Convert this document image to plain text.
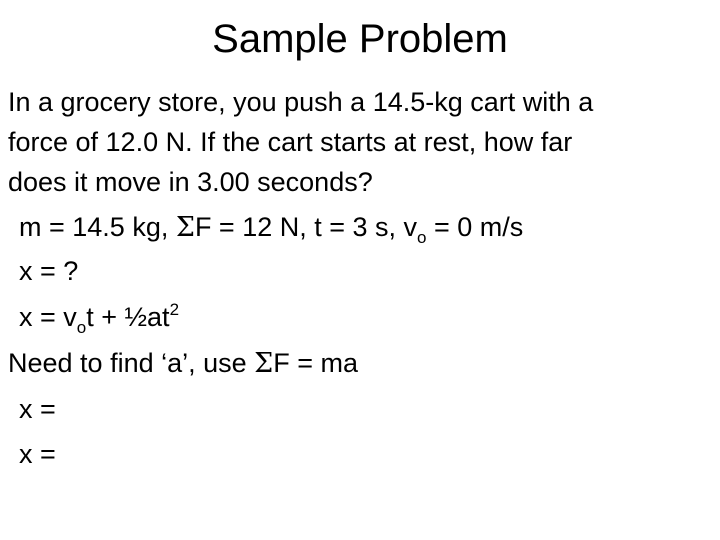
Sample Problem
In a grocery store, you push a 14.5-kg cart with a
force of 12.0 N. If the cart starts at rest, how far
does it move in 3.00 seconds?
m = 14.5 kg, ΣF = 12 N, t = 3 s, $v_o = 0$ m/s
x = ?
$x = v_ot$ + $\frac{1}{2}at^2$
Need to find ‘a’, use ΣF = ma
x =
x =
